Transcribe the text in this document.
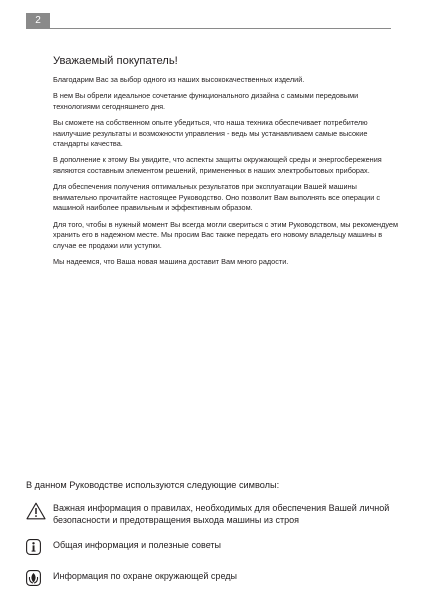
2
Уважаемый покупатель!

Благодарим Вас за выбор одного из наших высококачественных изделий.

В нем Вы обрели идеальное сочетание функционального дизайна с самыми передовыми технологиями сегодняшнего дня.

Вы сможете на собственном опыте убедиться, что наша техника обеспечивает потребителю наилучшие результаты и возможности управления - ведь мы устанавливаем самые высокие стандарты качества.

В дополнение к этому Вы увидите, что аспекты защиты окружающей среды и энергосбережения являются составным элементом решений, примененных в наших электробытовых приборах.

Для обеспечения получения оптимальных результатов при эксплуатации Вашей машины внимательно прочитайте настоящее Руководство. Оно позволит Вам выполнять все операции с машиной наиболее правильным и эффективным образом.

Для того, чтобы в нужный момент Вы всегда могли свериться с этим Руководством, мы рекомендуем хранить его в надежном месте. Мы просим Вас также передать его новому владельцу машины в случае ее продажи или уступки.

Мы надеемся, что Ваша новая машина доставит Вам много радости.

В данном Руководстве используются следующие символы:
Важная информация о правилах, необходимых для обеспечения Вашей личной безопасности и предотвращения выхода машины из строя
Общая информация и полезные советы
Информация по охране окружающей среды
